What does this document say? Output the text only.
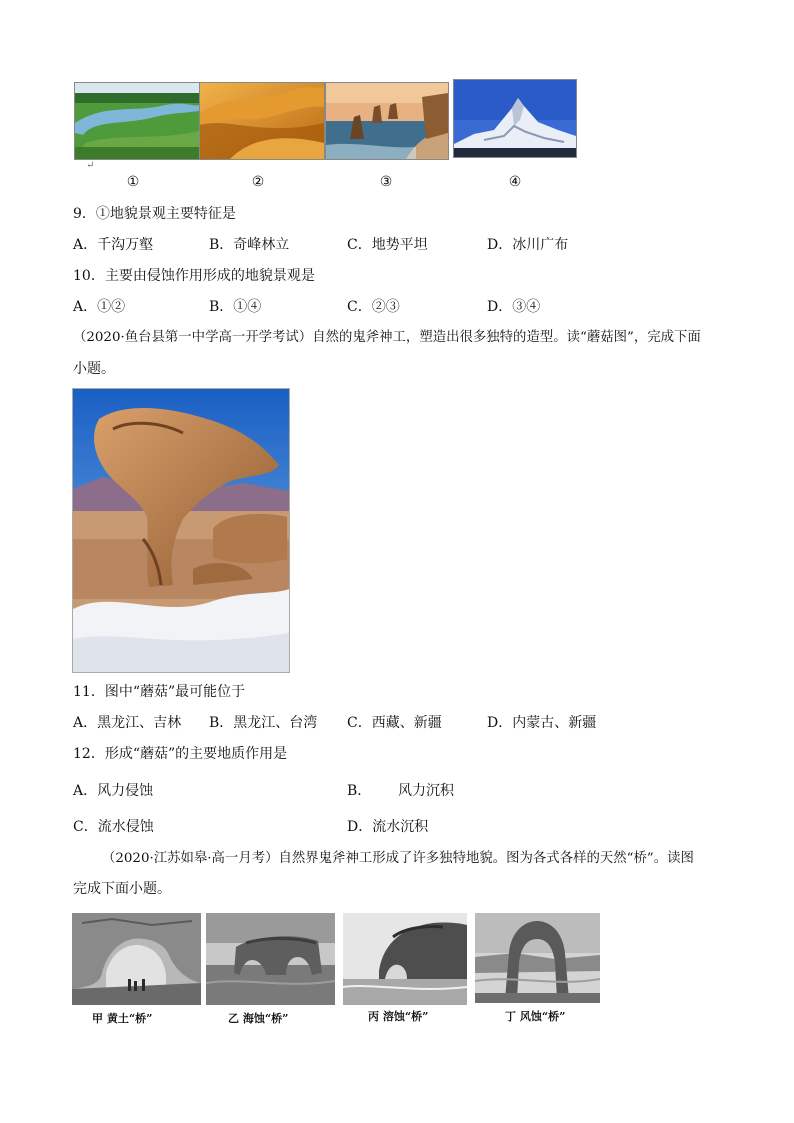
↵
①	②	③	④
9．①地貌景观主要特征是
A．千沟万壑	B．奇峰林立	C．地势平坦	D．冰川广布
10．主要由侵蚀作用形成的地貌景观是
A．①②	B．①④	C．②③	D．③④
（2020·鱼台县第一中学高一开学考试）自然的鬼斧神工，塑造出很多独特的造型。读“蘑菇图”，完成下面
小题。
11．图中“蘑菇”最可能位于
A．黑龙江、吉林 B．黑龙江、台湾 C．西藏、新疆	D．内蒙古、新疆
12．形成“蘑菇”的主要地质作用是
A．风力侵蚀	B． 风力沉积
C．流水侵蚀	D．流水沉积
（2020·江苏如皋·高一月考）自然界鬼斧神工形成了许多独特地貌。图为各式各样的天然“桥”。读图
完成下面小题。
甲 黄土“桥”	乙 海蚀“桥”	丙 溶蚀“桥”	丁 风蚀“桥”
